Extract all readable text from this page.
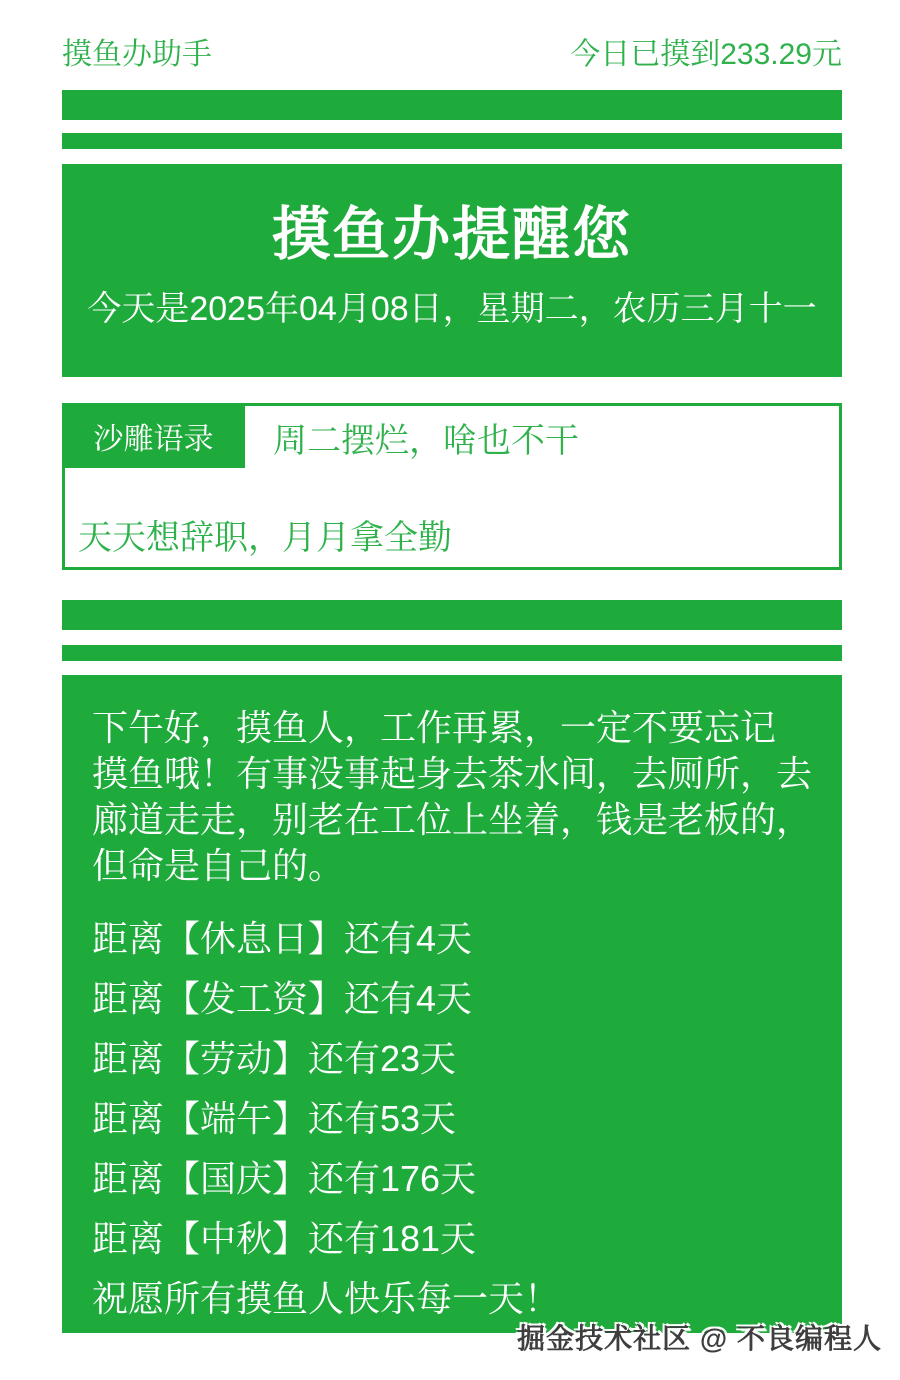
摸鱼办助手	今日已摸到233.29元
摸鱼办提醒您
今天是2025年04月08日，星期二，农历三月十一
沙雕语录	周二摆烂，啥也不干
天天想辞职，月月拿全勤
下午好，摸鱼人，工作再累，一定不要忘记
摸鱼哦！有事没事起身去茶水间，去厕所，去
廊道走走，别老在工位上坐着，钱是老板的，
但命是自己的。
距离【休息日】还有4天
距离【发工资】还有4天
距离【劳动】还有23天
距离【端午】还有53天
距离【国庆】还有176天
距离【中秋】还有181天
祝愿所有摸鱼人快乐每一天！
掘金技术社区 @ 不良编程人
